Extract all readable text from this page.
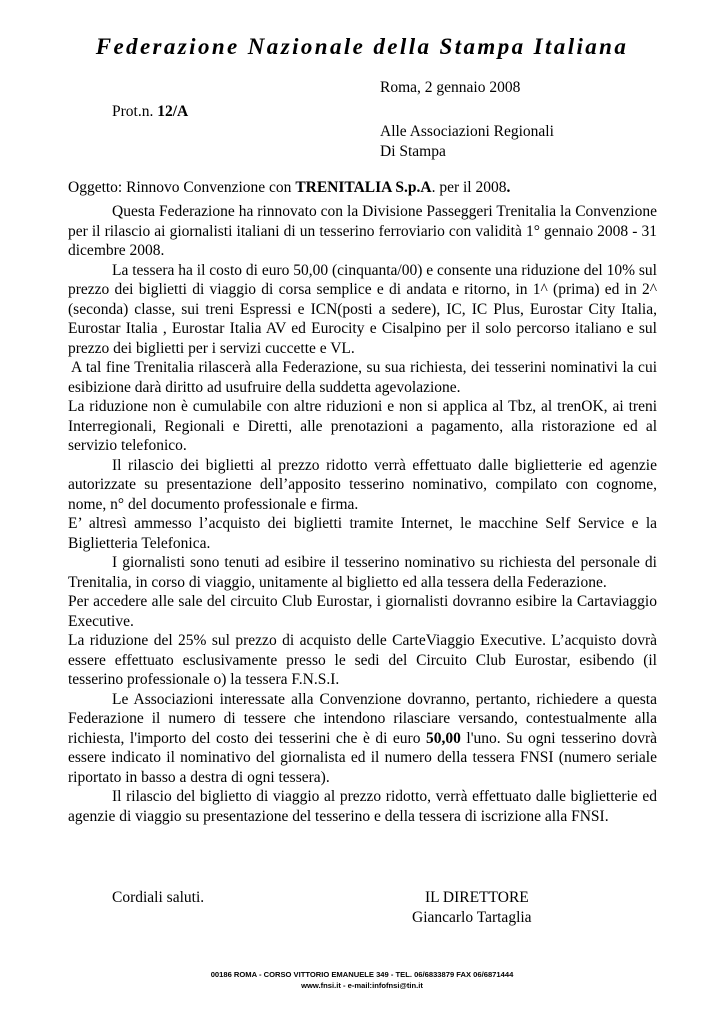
Federazione Nazionale della Stampa Italiana
Roma, 2 gennaio 2008
Prot.n. 12/A
Alle Associazioni Regionali
Di Stampa
Oggetto: Rinnovo Convenzione con TRENITALIA S.p.A. per il 2008.

Questa Federazione ha rinnovato con la Divisione Passeggeri Trenitalia la Convenzione per il rilascio ai giornalisti italiani di un tesserino ferroviario con validità 1° gennaio 2008 - 31 dicembre 2008.

La tessera ha il costo di euro 50,00 (cinquanta/00) e consente una riduzione del 10% sul prezzo dei biglietti di viaggio di corsa semplice e di andata e ritorno, in 1^ (prima) ed in 2^ (seconda) classe, sui treni Espressi e ICN(posti a sedere), IC, IC Plus, Eurostar City Italia, Eurostar Italia , Eurostar Italia AV ed Eurocity e Cisalpino per il solo percorso italiano e sul prezzo dei biglietti per i servizi cuccette e VL.

A tal fine Trenitalia rilascerà alla Federazione, su sua richiesta, dei tesserini nominativi la cui esibizione darà diritto ad usufruire della suddetta agevolazione.

La riduzione non è cumulabile con altre riduzioni e non si applica al Tbz, al trenOK, ai treni Interregionali, Regionali e Diretti, alle prenotazioni a pagamento, alla ristorazione ed al servizio telefonico.

Il rilascio dei biglietti al prezzo ridotto verrà effettuato dalle biglietterie ed agenzie autorizzate su presentazione dell’apposito tesserino nominativo, compilato con cognome, nome, n° del documento professionale e firma.

E’ altresì ammesso l’acquisto dei biglietti tramite Internet, le macchine Self Service e la Biglietteria Telefonica.

I giornalisti sono tenuti ad esibire il tesserino nominativo su richiesta del personale di Trenitalia, in corso di viaggio, unitamente al biglietto ed alla tessera della Federazione.

Per accedere alle sale del circuito Club Eurostar, i giornalisti dovranno esibire la Cartaviaggio Executive.

La riduzione del 25% sul prezzo di acquisto delle CarteViaggio Executive. L’acquisto dovrà essere effettuato esclusivamente presso le sedi del Circuito Club Eurostar, esibendo (il tesserino professionale o) la tessera F.N.S.I.

Le Associazioni interessate alla Convenzione dovranno, pertanto, richiedere a questa Federazione il numero di tessere che intendono rilasciare versando, contestualmente alla richiesta, l'importo del costo dei tesserini che è di euro 50,00 l'uno. Su ogni tesserino dovrà essere indicato il nominativo del giornalista ed il numero della tessera FNSI (numero seriale riportato in basso a destra di ogni tessera).

Il rilascio del biglietto di viaggio al prezzo ridotto, verrà effettuato dalle biglietterie ed agenzie di viaggio su presentazione del tesserino e della tessera di iscrizione alla FNSI.

Cordiali saluti.	IL DIRETTORE
Giancarlo Tartaglia
00186 ROMA - CORSO VITTORIO EMANUELE 349 - TEL. 06/6833879 FAX 06/6871444
www.fnsi.it - e-mail:infofnsi@tin.it
